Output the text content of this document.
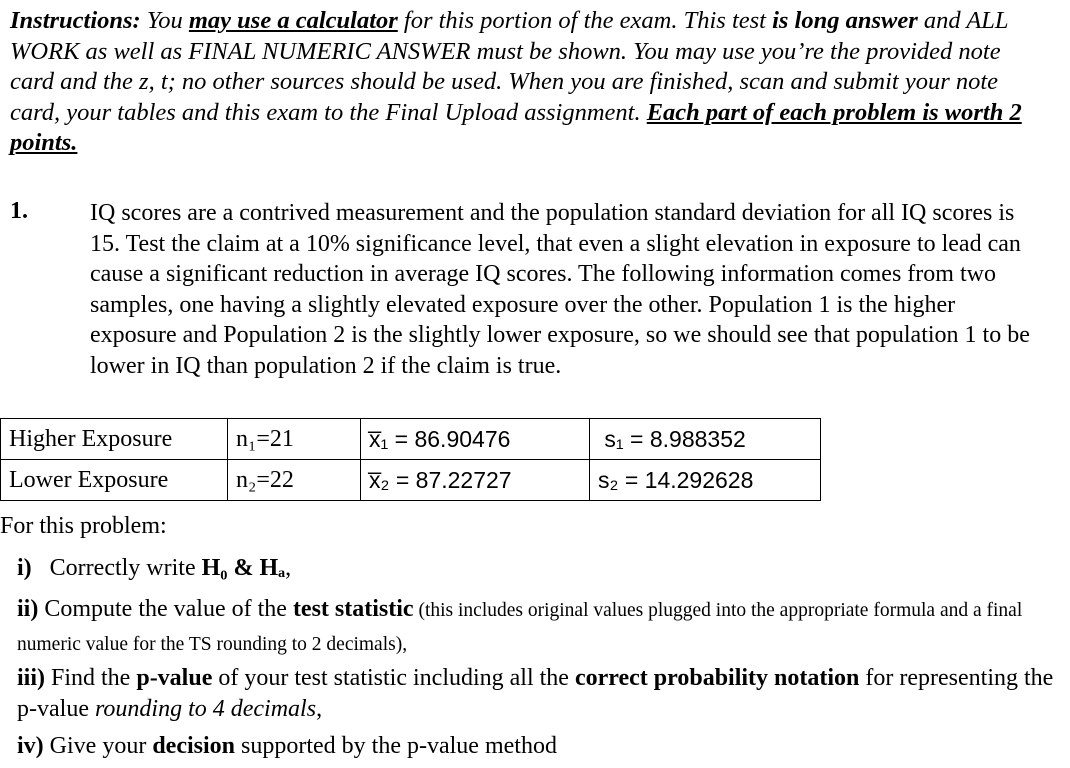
Instructions: You may use a calculator for this portion of the exam. This test is long answer and ALL WORK as well as FINAL NUMERIC ANSWER must be shown. You may use you’re the provided note card and the z, t; no other sources should be used. When you are finished, scan and submit your note card, your tables and this exam to the Final Upload assignment. Each part of each problem is worth 2 points.
1.	IQ scores are a contrived measurement and the population standard deviation for all IQ scores is 15. Test the claim at a 10% significance level, that even a slight elevation in exposure to lead can cause a significant reduction in average IQ scores. The following information comes from two samples, one having a slightly elevated exposure over the other. Population 1 is the higher exposure and Population 2 is the slightly lower exposure, so we should see that population 1 to be lower in IQ than population 2 if the claim is true.
Higher Exposure	n₁=21	x̅₁ = 86.90476	s₁ = 8.988352
Lower Exposure	n₂=22	x̅₂ = 87.22727	s₂ = 14.292628
For this problem:
i) Correctly write H₀ & Hₐ,
ii) Compute the value of the test statistic (this includes original values plugged into the appropriate formula and a final numeric value for the TS rounding to 2 decimals),
iii) Find the p-value of your test statistic including all the correct probability notation for representing the p-value rounding to 4 decimals,
iv) Give your decision supported by the p-value method
